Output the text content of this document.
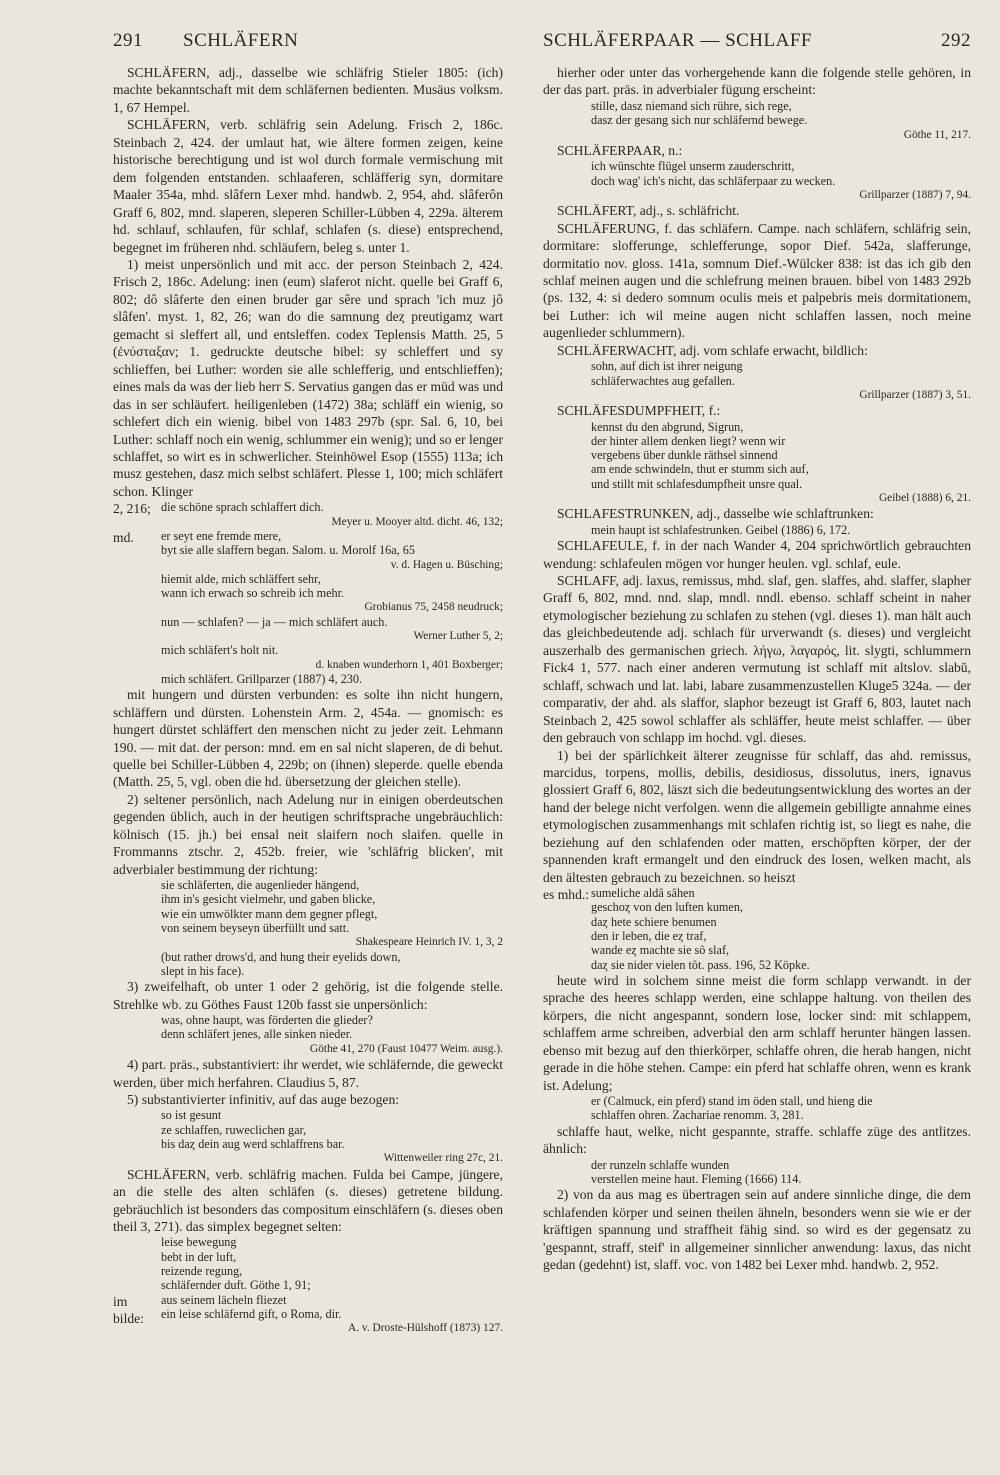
291	SCHLÄFERN	SCHLÄFERPAAR — SCHLAFF	292

SCHLÄFERN, adj., dasselbe wie schläfrig Stieler 1805: (ich) machte bekanntschaft mit dem schläfernen bedienten. Musäus volksm. 1, 67 Hempel.

SCHLÄFERN, verb. schläfrig sein Adelung. Frisch 2, 186c. Steinbach 2, 424. der umlaut hat, wie ältere formen zeigen, keine historische berechtigung und ist wol durch formale vermischung mit dem folgenden entstanden. schlaaferen, schläfferig syn, dormitare Maaler 354a, mhd. slâfern Lexer mhd. handwb. 2, 954, ahd. slâferôn Graff 6, 802, mnd. slaperen, sleperen Schiller-Lübben 4, 229a. älterem hd. schlauf, schlaufen, für schlaf, schlafen (s. diese) entsprechend, begegnet im früheren nhd. schläufern, beleg s. unter 1.

1) meist unpersönlich und mit acc. der person Steinbach 2, 424. Frisch 2, 186c. Adelung: inen (eum) slaferot nicht. quelle bei Graff 6, 802; dô slâferte den einen bruder gar sêre und sprach 'ich muz jô slâfen'. myst. 1, 82, 26; wan do die samnung deȥ preutigamȥ wart gemacht si sleffert all, und entsleffen. codex Teplensis Matth. 25, 5 (ἐνύσταξαν; 1. gedruckte deutsche bibel: sy schleffert und sy schlieffen, bei Luther: worden sie alle schlefferig, und entschlieffen); eines mals da was der lieb herr S. Servatius gangen das er müd was und das in ser schläufert. heiligenleben (1472) 38a; schläff ein wienig, so schlefert dich ein wienig. bibel von 1483 297b (spr. Sal. 6, 10, bei Luther: schlaff noch ein wenig, schlummer ein wenig); und so er lenger schlaffet, so wirt es in schwerlicher. Steinhöwel Esop (1555) 113a; ich musz gestehen, dasz mich selbst schläfert. Plesse 1, 100; mich schläfert schon. Klinger

2, 216; die schöne sprach schlaffert dich.
Meyer u. Mooyer altd. dicht. 46, 132;
md.	er seyt ene fremde mere,
byt sie alle slaffern began. Salom. u. Morolf 16a, 65
v. d. Hagen u. Büsching;
hiemit alde, mich schläffert sehr,
wann ich erwach so schreib ich mehr.
Grobianus 75, 2458 neudruck;
nun — schlafen? — ja — mich schläfert auch.
Werner Luther 5, 2;
mich schläfert's holt nit.
d. knaben wunderhorn 1, 401 Boxberger;
mich schläfert. Grillparzer (1887) 4, 230.

mit hungern und dürsten verbunden: es solte ihn nicht hungern, schläffern und dürsten. Lohenstein Arm. 2, 454a. — gnomisch: es hungert dürstet schläffert den menschen nicht zu jeder zeit. Lehmann 190. — mit dat. der person: mnd. em en sal nicht slaperen, de di behut. quelle bei Schiller-Lübben 4, 229b; on (ihnen) sleperde. quelle ebenda (Matth. 25, 5, vgl. oben die hd. übersetzung der gleichen stelle).

2) seltener persönlich, nach Adelung nur in einigen oberdeutschen gegenden üblich, auch in der heutigen schriftsprache ungebräuchlich: kölnisch (15. jh.) bei ensal neit slaifern noch slaifen. quelle in Frommanns ztschr. 2, 452b. freier, wie 'schläfrig blicken', mit adverbialer bestimmung der richtung:

sie schläferten, die augenlieder hängend,
ihm in's gesicht vielmehr, und gaben blicke,
wie ein umwölkter mann dem gegner pflegt,
von seinem beyseyn überfüllt und satt.
Shakespeare Heinrich IV. 1, 3, 2
(but rather drows'd, and hung their eyelids down,
slept in his face).

3) zweifelhaft, ob unter 1 oder 2 gehörig, ist die folgende stelle. Strehlke wb. zu Göthes Faust 120b fasst sie unpersönlich:

was, ohne haupt, was förderten die glieder?
denn schläfert jenes, alle sinken nieder.
Göthe 41, 270 (Faust 10477 Weim. ausg.).

4) part. präs., substantiviert: ihr werdet, wie schläfernde, die geweckt werden, über mich herfahren. Claudius 5, 87.

5) substantivierter infinitiv, auf das auge bezogen:

so ist gesunt
ze schlaffen, ruweclichen gar,
bis daȥ dein aug werd schlaffrens bar.
Wittenweiler ring 27c, 21.

SCHLÄFERN, verb. schläfrig machen. Fulda bei Campe, jüngere, an die stelle des alten schläfen (s. dieses) getretene bildung. gebräuchlich ist besonders das compositum einschläfern (s. dieses oben theil 3, 271). das simplex begegnet selten:

leise bewegung
bebt in der luft,
reizende regung,
schläfernder duft. Göthe 1, 91;
im bilde:
aus seinem lächeln fliezet
ein leise schläfernd gift, o Roma, dir.
A. v. Droste-Hülshoff (1873) 127.

hierher oder unter das vorhergehende kann die folgende stelle gehören, in der das part. präs. in adverbialer fügung erscheint:

stille, dasz niemand sich rühre, sich rege,
dasz der gesang sich nur schläfernd bewege.
Göthe 11, 217.

SCHLÄFERPAAR, n.:

ich wünschte flügel unserm zauderschritt,
doch wag' ich's nicht, das schläferpaar zu wecken.
Grillparzer (1887) 7, 94.

SCHLÄFERT, adj., s. schläfricht.

SCHLÄFERUNG, f. das schläfern. Campe. nach schläfern, schläfrig sein, dormitare: slofferunge, schlefferunge, sopor Dief. 542a, slafferunge, dormitatio nov. gloss. 141a, somnum Dief.-Wülcker 838: ist das ich gib den schlaf meinen augen und die schlefrung meinen brauen. bibel von 1483 292b (ps. 132, 4: si dedero somnum oculis meis et palpebris meis dormitationem, bei Luther: ich wil meine augen nicht schlaffen lassen, noch meine augenlieder schlummern).

SCHLÄFERWACHT, adj. vom schlafe erwacht, bildlich:

sohn, auf dich ist ihrer neigung
schläferwachtes aug gefallen.
Grillparzer (1887) 3, 51.

SCHLÄFESDUMPFHEIT, f.:

kennst du den abgrund, Sigrun,
der hinter allem denken liegt? wenn wir
vergebens über dunkle räthsel sinnend
am ende schwindeln, thut er stumm sich auf,
und stillt mit schlafesdumpfheit unsre qual.
Geibel (1888) 6, 21.

SCHLAFESTRUNKEN, adj., dasselbe wie schlaftrunken:

mein haupt ist schlafestrunken. Geibel (1886) 6, 172.

SCHLAFEULE, f. in der nach Wander 4, 204 sprichwörtlich gebrauchten wendung: schlafeulen mögen vor hunger heulen. vgl. schlaf, eule.

SCHLAFF, adj. laxus, remissus, mhd. slaf, gen. slaffes, ahd. slaffer, slapher Graff 6, 802, mnd. nnd. slap, mndl. nndl. ebenso. schlaff scheint in naher etymologischer beziehung zu schlafen zu stehen (vgl. dieses 1). man hält auch das gleichbedeutende adj. schlach für urverwandt (s. dieses) und vergleicht auszerhalb des germanischen griech. λήγω, λαγαρός, lit. slygti, schlummern Fick4 1, 577. nach einer anderen vermutung ist schlaff mit altslov. slabŭ, schlaff, schwach und lat. labi, labare zusammenzustellen Kluge5 324a. — der comparativ, der ahd. als slaffor, slaphor bezeugt ist Graff 6, 803, lautet nach Steinbach 2, 425 sowol schlaffer als schläffer, heute meist schlaffer. — über den gebrauch von schlapp im hochd. vgl. dieses.

1) bei der spärlichkeit älterer zeugnisse für schlaff, das ahd. remissus, marcidus, torpens, mollis, debilis, desidiosus, dissolutus, iners, ignavus glossiert Graff 6, 802, läszt sich die bedeutungsentwicklung des wortes an der hand der belege nicht verfolgen. wenn die allgemein gebilligte annahme eines etymologischen zusammenhangs mit schlafen richtig ist, so liegt es nahe, die beziehung auf den schlafenden oder matten, erschöpften körper, der der spannenden kraft ermangelt und den eindruck des losen, welken macht, als den ältesten gebrauch zu bezeichnen. so heiszt

es mhd.: sumeliche aldâ sâhen
geschoȥ von den luften kumen,
daȥ hete schiere benumen
den ir leben, die eȥ traf,
wande eȥ machte sie sô slaf,
daȥ sie nider vielen tôt. pass. 196, 52 Köpke.

heute wird in solchem sinne meist die form schlapp verwandt. in der sprache des heeres schlapp werden, eine schlappe haltung. von theilen des körpers, die nicht angespannt, sondern lose, locker sind: mit schlappem, schlaffem arme schreiben, adverbial den arm schlaff herunter hängen lassen. ebenso mit bezug auf den thierkörper, schlaffe ohren, die herab hangen, nicht gerade in die höhe stehen. Campe: ein pferd hat schlaffe ohren, wenn es krank ist. Adelung;

er (Calmuck, ein pferd) stand im öden stall, und hieng die
schlaffen ohren. Zachariae renomm. 3, 281.

schlaffe haut, welke, nicht gespannte, straffe. schlaffe züge des antlitzes. ähnlich:

der runzeln schlaffe wunden
verstellen meine haut. Fleming (1666) 114.

2) von da aus mag es übertragen sein auf andere sinnliche dinge, die dem schlafenden körper und seinen theilen ähneln, besonders wenn sie wie er der kräftigen spannung und straffheit fähig sind. so wird es der gegensatz zu 'gespannt, straff, steif' in allgemeiner sinnlicher anwendung: laxus, das nicht gedan (gedehnt) ist, slaff. voc. von 1482 bei Lexer mhd. handwb. 2, 952.
